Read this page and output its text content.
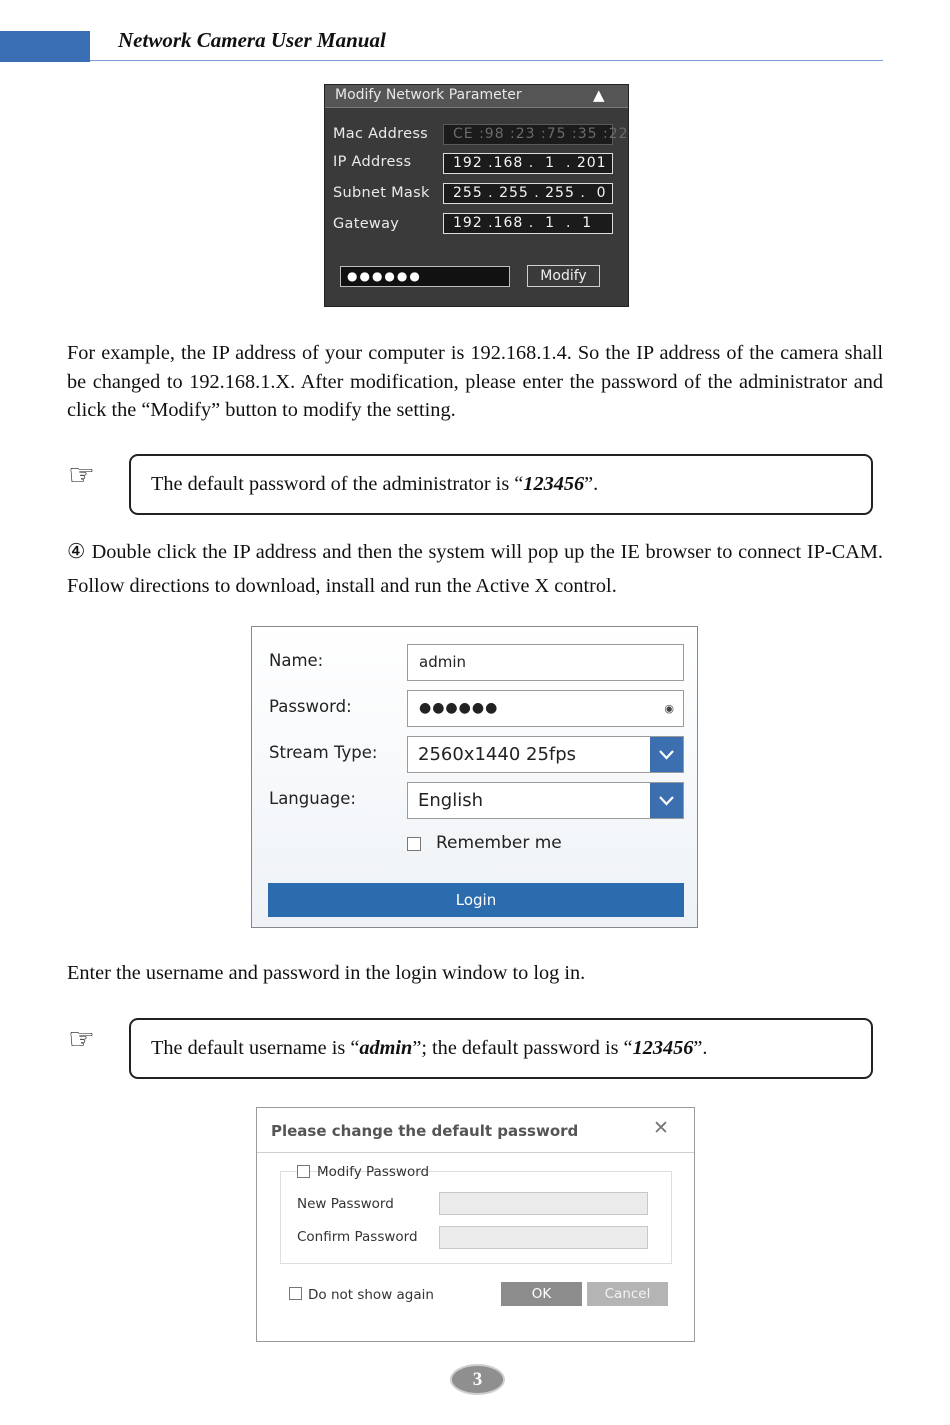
Network Camera User Manual
Modify Network Parameter	▲
Mac Address	CE :98 :23 :75 :35 :22
IP Address	192 .168 .  1  . 201
Subnet Mask	255 . 255 . 255 .  0
Gateway	192 .168 .  1  .  1
●●●●●●	Modify
For example, the IP address of your computer is 192.168.1.4. So the IP address of the camera shall be changed to 192.168.1.X. After modification, please enter the password of the administrator and click the “Modify” button to modify the setting.
☞	The default password of the administrator is “123456”.
④ Double click the IP address and then the system will pop up the IE browser to connect IP-CAM. Follow directions to download, install and run the Active X control.
Name:	admin
Password:	●●●●●●	◉
Stream Type:	2560x1440 25fps
Language:	English
Remember me
Login
Enter the username and password in the login window to log in.
☞	The default username is “admin”; the default password is “123456”.
Please change the default password	✕
Modify Password
New Password
Confirm Password
Do not show again	OK	Cancel
3
